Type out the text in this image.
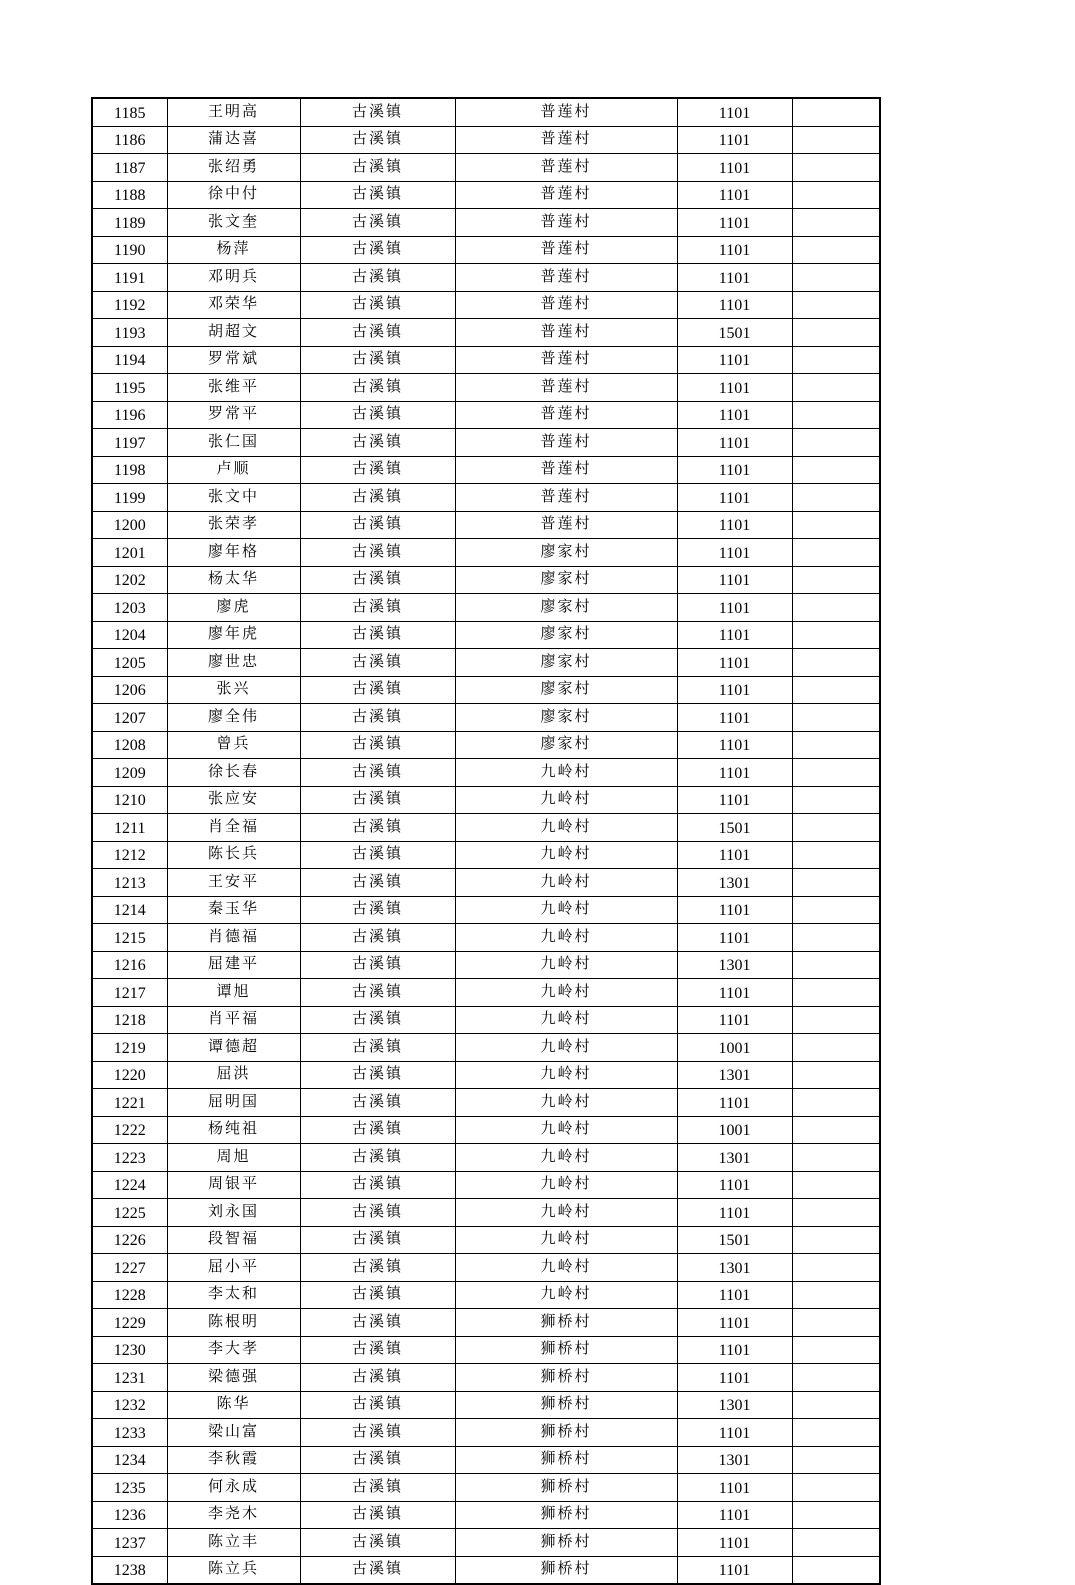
1185	王明高	古溪镇	普莲村	1101	
1186	蒲达喜	古溪镇	普莲村	1101	
1187	张绍勇	古溪镇	普莲村	1101	
1188	徐中付	古溪镇	普莲村	1101	
1189	张文奎	古溪镇	普莲村	1101	
1190	杨萍	古溪镇	普莲村	1101	
1191	邓明兵	古溪镇	普莲村	1101	
1192	邓荣华	古溪镇	普莲村	1101	
1193	胡超文	古溪镇	普莲村	1501	
1194	罗常斌	古溪镇	普莲村	1101	
1195	张维平	古溪镇	普莲村	1101	
1196	罗常平	古溪镇	普莲村	1101	
1197	张仁国	古溪镇	普莲村	1101	
1198	卢顺	古溪镇	普莲村	1101	
1199	张文中	古溪镇	普莲村	1101	
1200	张荣孝	古溪镇	普莲村	1101	
1201	廖年格	古溪镇	廖家村	1101	
1202	杨太华	古溪镇	廖家村	1101	
1203	廖虎	古溪镇	廖家村	1101	
1204	廖年虎	古溪镇	廖家村	1101	
1205	廖世忠	古溪镇	廖家村	1101	
1206	张兴	古溪镇	廖家村	1101	
1207	廖全伟	古溪镇	廖家村	1101	
1208	曾兵	古溪镇	廖家村	1101	
1209	徐长春	古溪镇	九岭村	1101	
1210	张应安	古溪镇	九岭村	1101	
1211	肖全福	古溪镇	九岭村	1501	
1212	陈长兵	古溪镇	九岭村	1101	
1213	王安平	古溪镇	九岭村	1301	
1214	秦玉华	古溪镇	九岭村	1101	
1215	肖德福	古溪镇	九岭村	1101	
1216	屈建平	古溪镇	九岭村	1301	
1217	谭旭	古溪镇	九岭村	1101	
1218	肖平福	古溪镇	九岭村	1101	
1219	谭德超	古溪镇	九岭村	1001	
1220	屈洪	古溪镇	九岭村	1301	
1221	屈明国	古溪镇	九岭村	1101	
1222	杨纯祖	古溪镇	九岭村	1001	
1223	周旭	古溪镇	九岭村	1301	
1224	周银平	古溪镇	九岭村	1101	
1225	刘永国	古溪镇	九岭村	1101	
1226	段智福	古溪镇	九岭村	1501	
1227	屈小平	古溪镇	九岭村	1301	
1228	李太和	古溪镇	九岭村	1101	
1229	陈根明	古溪镇	狮桥村	1101	
1230	李大孝	古溪镇	狮桥村	1101	
1231	梁德强	古溪镇	狮桥村	1101	
1232	陈华	古溪镇	狮桥村	1301	
1233	梁山富	古溪镇	狮桥村	1101	
1234	李秋霞	古溪镇	狮桥村	1301	
1235	何永成	古溪镇	狮桥村	1101	
1236	李尧木	古溪镇	狮桥村	1101	
1237	陈立丰	古溪镇	狮桥村	1101	
1238	陈立兵	古溪镇	狮桥村	1101	
